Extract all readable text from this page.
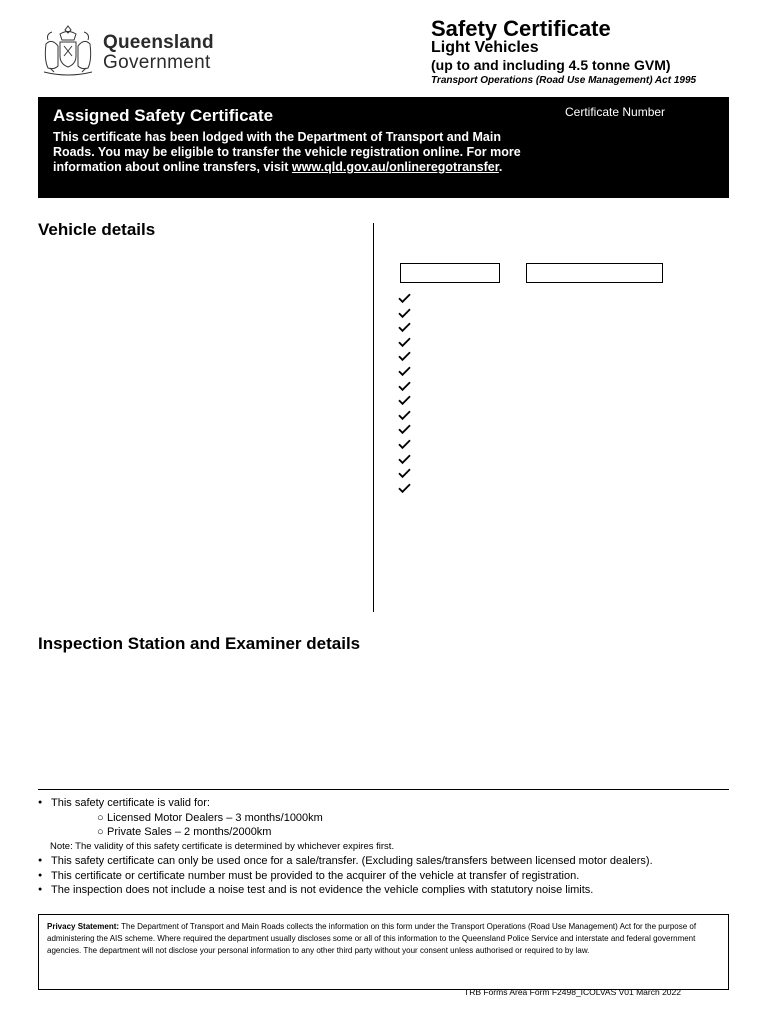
Queensland
Government
Safety Certificate
Light Vehicles
(up to and including 4.5 tonne GVM)
Transport Operations (Road Use Management) Act 1995
Assigned Safety Certificate
This certificate has been lodged with the Department of Transport and Main Roads. You may be eligible to transfer the vehicle registration online. For more information about online transfers, visit www.qld.gov.au/onlineregotransfer.
Certificate Number
Vehicle details
Inspection Station and Examiner details
● This safety certificate is valid for:
○ Licensed Motor Dealers – 3 months/1000km
○ Private Sales – 2 months/2000km
Note: The validity of this safety certificate is determined by whichever expires first.
● This safety certificate can only be used once for a sale/transfer. (Excluding sales/transfers between licensed motor dealers).
● This certificate or certificate number must be provided to the acquirer of the vehicle at transfer of registration.
● The inspection does not include a noise test and is not evidence the vehicle complies with statutory noise limits.
Privacy Statement: The Department of Transport and Main Roads collects the information on this form under the Transport Operations (Road Use Management) Act for the purpose of administering the AIS scheme. Where required the department usually discloses some or all of this information to the Queensland Police Service and interstate and federal government agencies. The department will not disclose your personal information to any other third party without your consent unless authorised or required to by law.
TRB Forms Area Form F2498_ICOLVAS V01 March 2022
